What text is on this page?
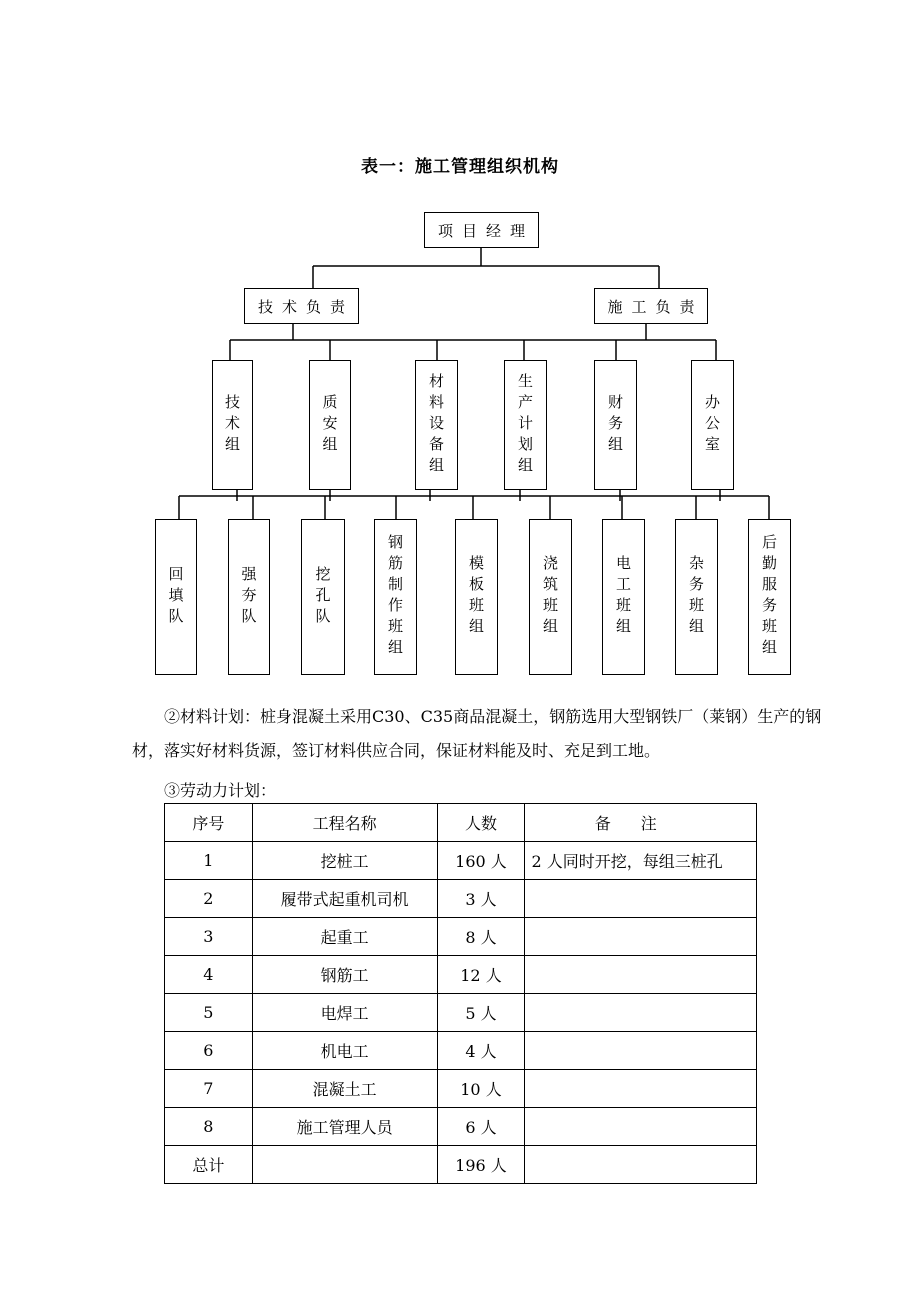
表一：施工管理组织机构
项目经理
技术负责	施工负责
技术组	质安组	材料设备组	生产计划组	财务组	办公室
回填队	强夯队	挖孔队	钢筋制作班组	模板班组	浇筑班组	电工班组	杂务班组	后勤服务班组
②材料计划：桩身混凝土采用C30、C35商品混凝土，钢筋选用大型钢铁厂（莱钢）生产的钢材，落实好材料货源，签订材料供应合同，保证材料能及时、充足到工地。
③劳动力计划：
序号	工程名称	人数	备注
1	挖桩工	160 人	2 人同时开挖，每组三桩孔
2	履带式起重机司机	3 人	
3	起重工	8 人	
4	钢筋工	12 人	
5	电焊工	5 人	
6	机电工	4 人	
7	混凝土工	10 人	
8	施工管理人员	6 人	
总计		196 人	
